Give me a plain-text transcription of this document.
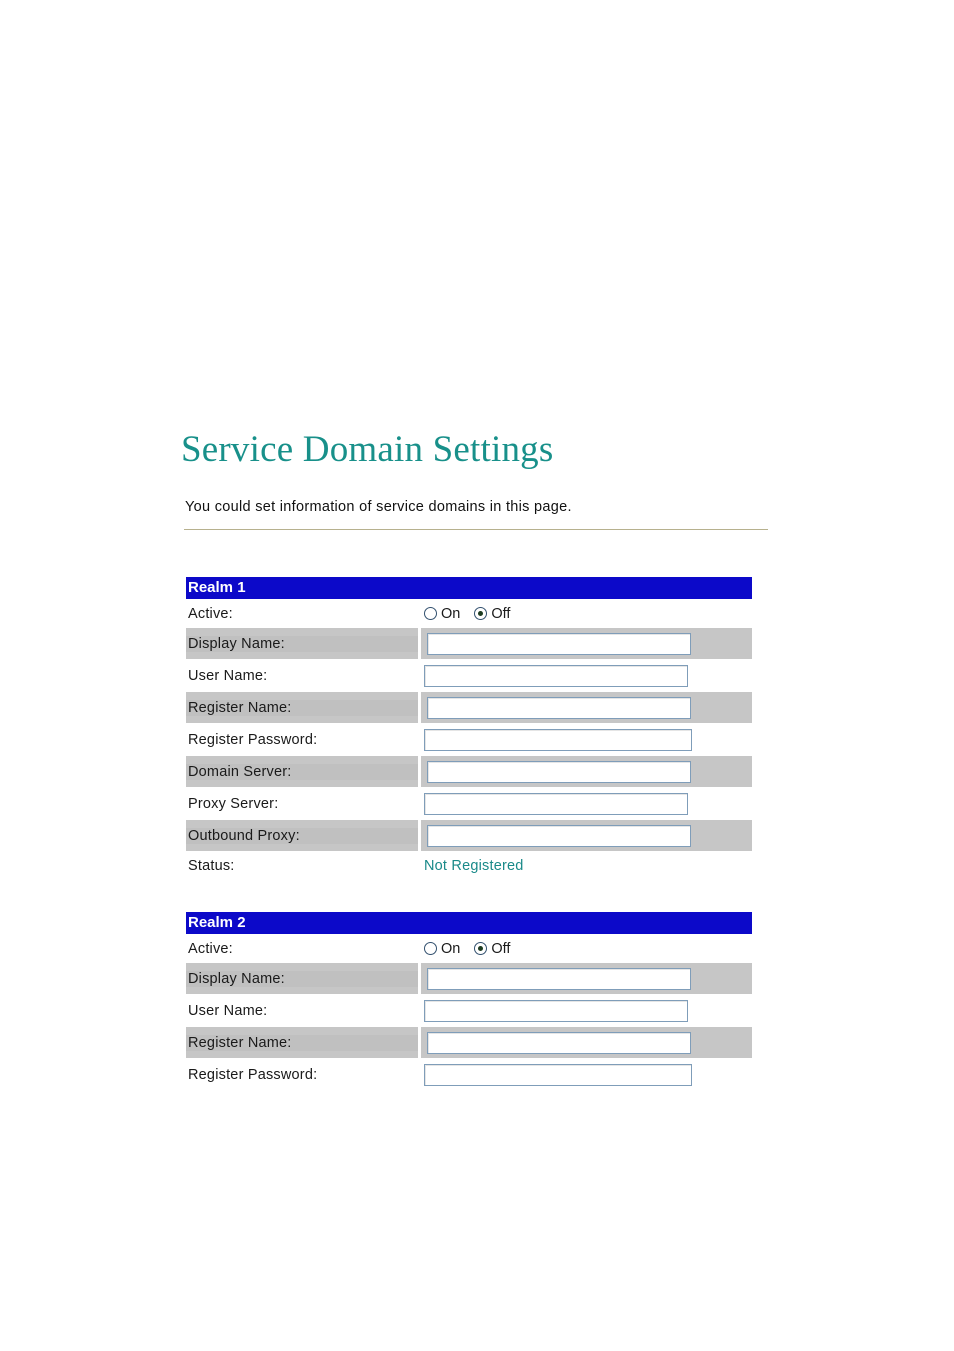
Service Domain Settings
You could set information of service domains in this page.
Realm 1
Active:	On Off
Display Name:
User Name:
Register Name:
Register Password:
Domain Server:
Proxy Server:
Outbound Proxy:
Status:	Not Registered
Realm 2
Active:	On Off
Display Name:
User Name:
Register Name:
Register Password:
